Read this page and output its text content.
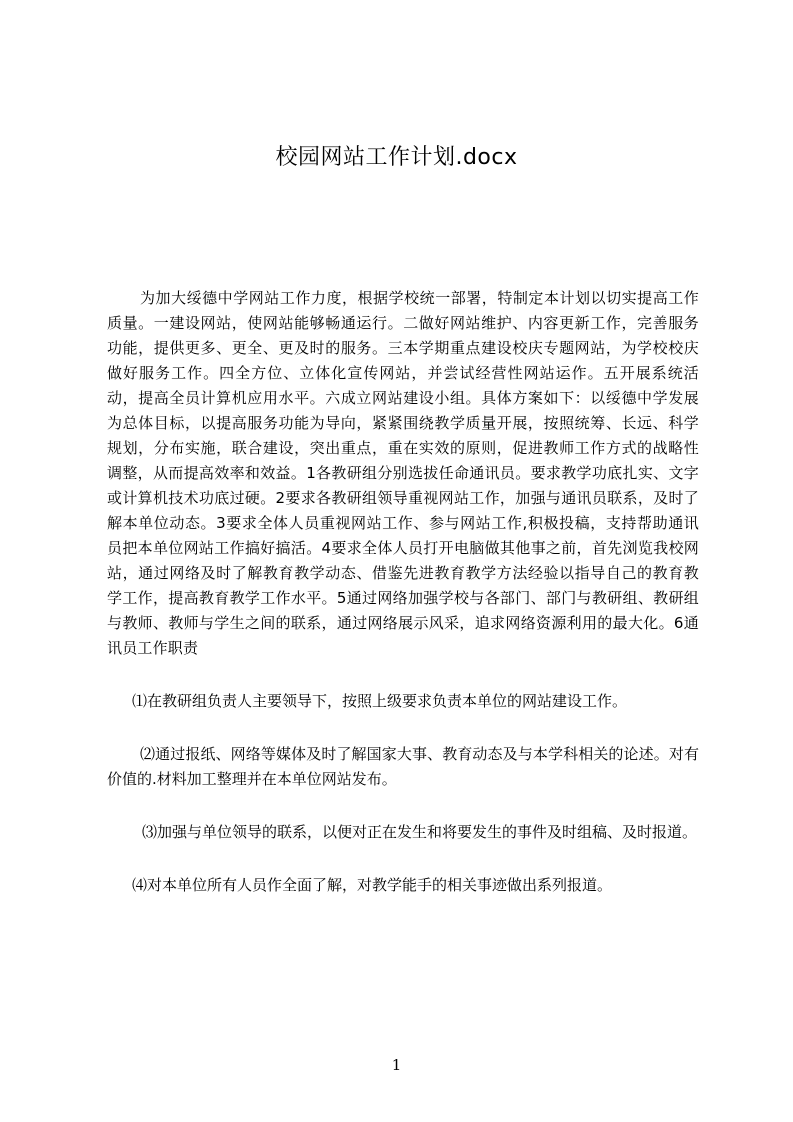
校园网站工作计划.docx

为加大绥德中学网站工作力度，根据学校统一部署，特制定本计划以切实提高工作质量。一建设网站，使网站能够畅通运行。二做好网站维护、内容更新工作，完善服务功能，提供更多、更全、更及时的服务。三本学期重点建设校庆专题网站，为学校校庆做好服务工作。四全方位、立体化宣传网站，并尝试经营性网站运作。五开展系统活动，提高全员计算机应用水平。六成立网站建设小组。具体方案如下：以绥德中学发展为总体目标，以提高服务功能为导向，紧紧围绕教学质量开展，按照统筹、长远、科学规划，分布实施，联合建设，突出重点，重在实效的原则，促进教师工作方式的战略性调整，从而提高效率和效益。1各教研组分别选拔任命通讯员。要求教学功底扎实、文字或计算机技术功底过硬。2要求各教研组领导重视网站工作，加强与通讯员联系，及时了解本单位动态。3要求全体人员重视网站工作、参与网站工作,积极投稿，支持帮助通讯员把本单位网站工作搞好搞活。4要求全体人员打开电脑做其他事之前，首先浏览我校网站，通过网络及时了解教育教学动态、借鉴先进教育教学方法经验以指导自己的教育教学工作，提高教育教学工作水平。5通过网络加强学校与各部门、部门与教研组、教研组与教师、教师与学生之间的联系，通过网络展示风采，追求网络资源利用的最大化。6通讯员工作职责

⑴在教研组负责人主要领导下，按照上级要求负责本单位的网站建设工作。

⑵通过报纸、网络等媒体及时了解国家大事、教育动态及与本学科相关的论述。对有价值的.材料加工整理并在本单位网站发布。

⑶加强与单位领导的联系，以便对正在发生和将要发生的事件及时组稿、及时报道。

⑷对本单位所有人员作全面了解，对教学能手的相关事迹做出系列报道。

1
